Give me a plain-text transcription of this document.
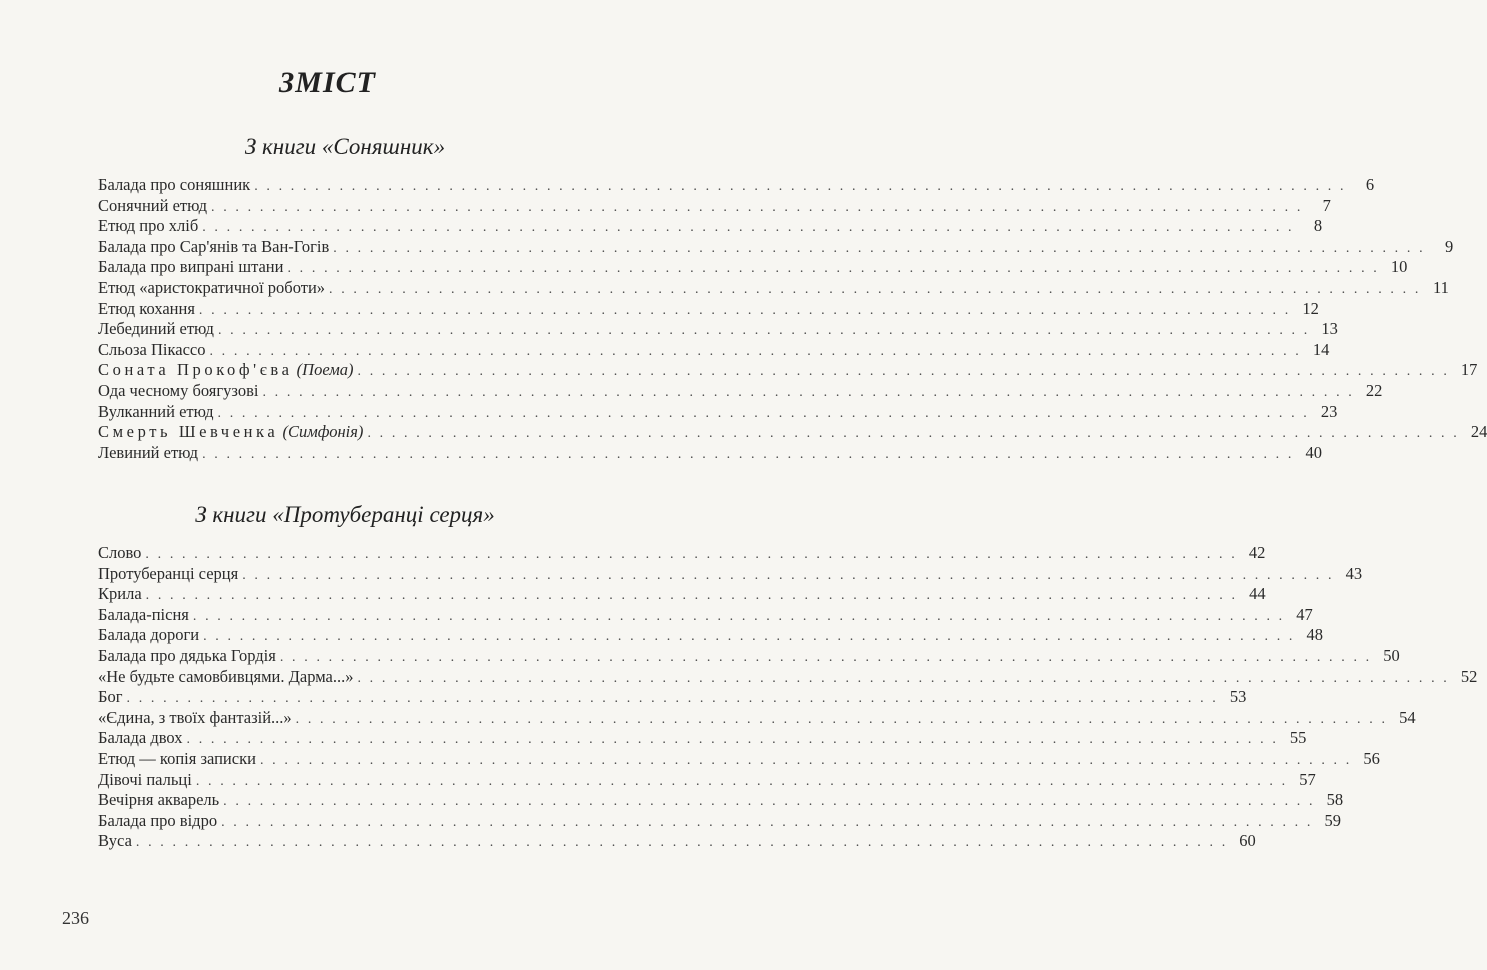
ЗМІСТ
З книги «Соняшник»
Балада про соняшник . . . . . . . . . . . . . . . . . . . . . . . . . . . . . . . . . . . . . . . . . . . . . . . . . . . . . . . . . . . . . . . . . . . . . . . . . . . . . . . . . . . . . . . . . .	6
Сонячний етюд . . . . . . . . . . . . . . . . . . . . . . . . . . . . . . . . . . . . . . . . . . . . . . . . . . . . . . . . . . . . . . . . . . . . . . . . . . . . . . . . . . . . . . . . . .	7
Етюд про хліб . . . . . . . . . . . . . . . . . . . . . . . . . . . . . . . . . . . . . . . . . . . . . . . . . . . . . . . . . . . . . . . . . . . . . . . . . . . . . . . . . . . . . . . . . .	8
Балада про Сар'янів та Ван-Гогів . . . . . . . . . . . . . . . . . . . . . . . . . . . . . . . . . . . . . . . . . . . . . . . . . . . . . . . . . . . . . . . . . . . . . . . . . . . . . . . . . . . . . . . . . .	9
Балада про випрані штани . . . . . . . . . . . . . . . . . . . . . . . . . . . . . . . . . . . . . . . . . . . . . . . . . . . . . . . . . . . . . . . . . . . . . . . . . . . . . . . . . . . . . . . . . . 10
Етюд «аристократичної роботи» . . . . . . . . . . . . . . . . . . . . . . . . . . . . . . . . . . . . . . . . . . . . . . . . . . . . . . . . . . . . . . . . . . . . . . . . . . . . . . . . . . . . . . . . . . 11
Етюд кохання . . . . . . . . . . . . . . . . . . . . . . . . . . . . . . . . . . . . . . . . . . . . . . . . . . . . . . . . . . . . . . . . . . . . . . . . . . . . . . . . . . . . . . . . . . 12
Лебединий етюд . . . . . . . . . . . . . . . . . . . . . . . . . . . . . . . . . . . . . . . . . . . . . . . . . . . . . . . . . . . . . . . . . . . . . . . . . . . . . . . . . . . . . . . . . . 13
Сльоза Пікассо . . . . . . . . . . . . . . . . . . . . . . . . . . . . . . . . . . . . . . . . . . . . . . . . . . . . . . . . . . . . . . . . . . . . . . . . . . . . . . . . . . . . . . . . . . 14
Соната Прокоф'єва (Поема) . . . . . . . . . . . . . . . . . . . . . . . . . . . . . . . . . . . . . . . . . . . . . . . . . . . . . . . . . . . . . . . . . . . . . . . . . . . . . . . . . . . . . . . . . . 17
Ода чесному боягузові . . . . . . . . . . . . . . . . . . . . . . . . . . . . . . . . . . . . . . . . . . . . . . . . . . . . . . . . . . . . . . . . . . . . . . . . . . . . . . . . . . . . . . . . . . 22
Вулканний етюд . . . . . . . . . . . . . . . . . . . . . . . . . . . . . . . . . . . . . . . . . . . . . . . . . . . . . . . . . . . . . . . . . . . . . . . . . . . . . . . . . . . . . . . . . . 23
Смерть Шевченка (Симфонія) . . . . . . . . . . . . . . . . . . . . . . . . . . . . . . . . . . . . . . . . . . . . . . . . . . . . . . . . . . . . . . . . . . . . . . . . . . . . . . . . . . . . . . . . . . 24
Левиний етюд . . . . . . . . . . . . . . . . . . . . . . . . . . . . . . . . . . . . . . . . . . . . . . . . . . . . . . . . . . . . . . . . . . . . . . . . . . . . . . . . . . . . . . . . . . 40
З книги «Протуберанці серця»
Слово . . . . . . . . . . . . . . . . . . . . . . . . . . . . . . . . . . . . . . . . . . . . . . . . . . . . . . . . . . . . . . . . . . . . . . . . . . . . . . . . . . . . . . . . . . 42
Протуберанці серця . . . . . . . . . . . . . . . . . . . . . . . . . . . . . . . . . . . . . . . . . . . . . . . . . . . . . . . . . . . . . . . . . . . . . . . . . . . . . . . . . . . . . . . . . . 43
Крила . . . . . . . . . . . . . . . . . . . . . . . . . . . . . . . . . . . . . . . . . . . . . . . . . . . . . . . . . . . . . . . . . . . . . . . . . . . . . . . . . . . . . . . . . . 44
Балада-пісня . . . . . . . . . . . . . . . . . . . . . . . . . . . . . . . . . . . . . . . . . . . . . . . . . . . . . . . . . . . . . . . . . . . . . . . . . . . . . . . . . . . . . . . . . . 47
Балада дороги . . . . . . . . . . . . . . . . . . . . . . . . . . . . . . . . . . . . . . . . . . . . . . . . . . . . . . . . . . . . . . . . . . . . . . . . . . . . . . . . . . . . . . . . . . 48
Балада про дядька Гордія . . . . . . . . . . . . . . . . . . . . . . . . . . . . . . . . . . . . . . . . . . . . . . . . . . . . . . . . . . . . . . . . . . . . . . . . . . . . . . . . . . . . . . . . . . 50
«Не будьте самовбивцями. Дарма...» . . . . . . . . . . . . . . . . . . . . . . . . . . . . . . . . . . . . . . . . . . . . . . . . . . . . . . . . . . . . . . . . . . . . . . . . . . . . . . . . . . . . . . . . . . 52
Бог . . . . . . . . . . . . . . . . . . . . . . . . . . . . . . . . . . . . . . . . . . . . . . . . . . . . . . . . . . . . . . . . . . . . . . . . . . . . . . . . . . . . . . . . . . 53
«Єдина, з твоїх фантазій...» . . . . . . . . . . . . . . . . . . . . . . . . . . . . . . . . . . . . . . . . . . . . . . . . . . . . . . . . . . . . . . . . . . . . . . . . . . . . . . . . . . . . . . . . . . 54
Балада двох . . . . . . . . . . . . . . . . . . . . . . . . . . . . . . . . . . . . . . . . . . . . . . . . . . . . . . . . . . . . . . . . . . . . . . . . . . . . . . . . . . . . . . . . . . 55
Етюд — копія записки . . . . . . . . . . . . . . . . . . . . . . . . . . . . . . . . . . . . . . . . . . . . . . . . . . . . . . . . . . . . . . . . . . . . . . . . . . . . . . . . . . . . . . . . . . 56
Дівочі пальці . . . . . . . . . . . . . . . . . . . . . . . . . . . . . . . . . . . . . . . . . . . . . . . . . . . . . . . . . . . . . . . . . . . . . . . . . . . . . . . . . . . . . . . . . . 57
Вечірня акварель . . . . . . . . . . . . . . . . . . . . . . . . . . . . . . . . . . . . . . . . . . . . . . . . . . . . . . . . . . . . . . . . . . . . . . . . . . . . . . . . . . . . . . . . . . 58
Балада про відро . . . . . . . . . . . . . . . . . . . . . . . . . . . . . . . . . . . . . . . . . . . . . . . . . . . . . . . . . . . . . . . . . . . . . . . . . . . . . . . . . . . . . . . . . . 59
Вуса . . . . . . . . . . . . . . . . . . . . . . . . . . . . . . . . . . . . . . . . . . . . . . . . . . . . . . . . . . . . . . . . . . . . . . . . . . . . . . . . . . . . . . . . . . 60
236
